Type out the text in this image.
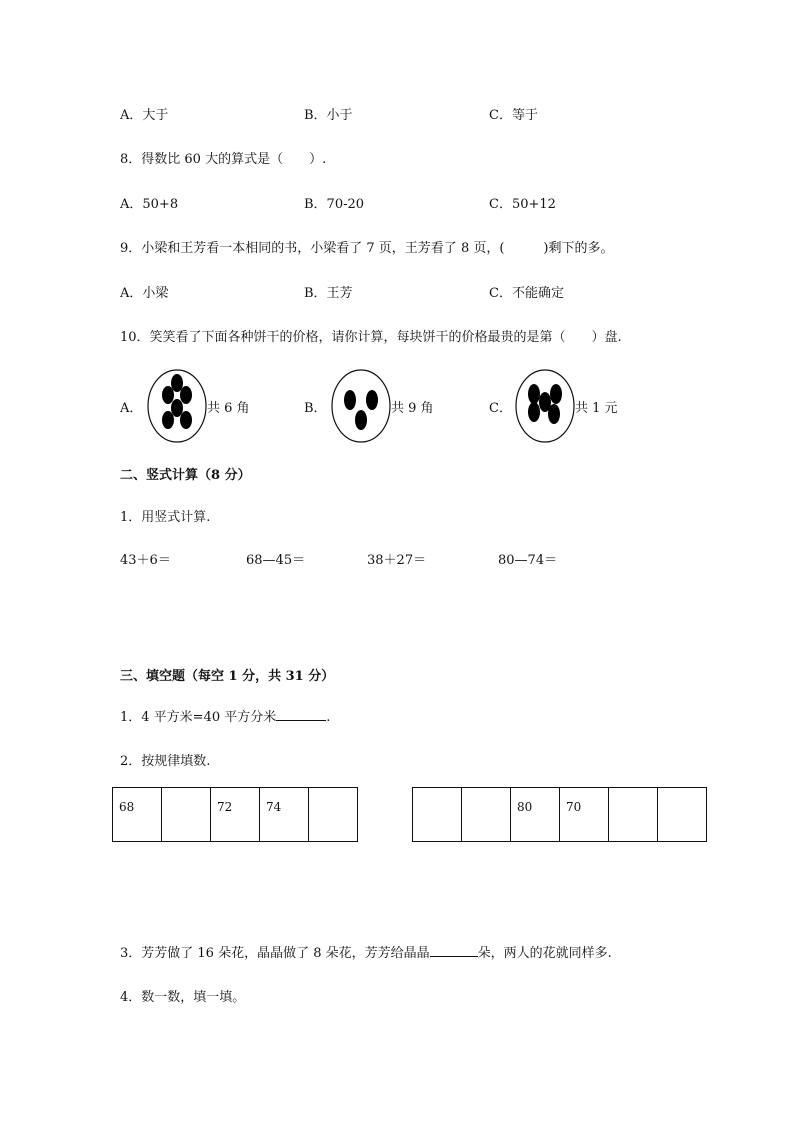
A．大于	B．小于	C．等于
8．得数比 60 大的算式是（　　）.
A．50+8	B．70-20	C．50+12
9．小梁和王芳看一本相同的书，小梁看了 7 页，王芳看了 8 页，(　　　)剩下的多。
A．小梁	B．王芳	C．不能确定
10．笑笑看了下面各种饼干的价格，请你计算，每块饼干的价格最贵的是第（　　）盘.
A．	共 6 角	B．	共 9 角	C．	共 1 元
二、竖式计算（8 分）
1．用竖式计算.
43＋6＝	68—45＝	38＋27＝	80—74＝
三、填空题（每空 1 分，共 31 分）
1．4 平方米=40 平方分米	.
2．按规律填数.
68		72	74	
			80	70		
3．芳芳做了 16 朵花，晶晶做了 8 朵花，芳芳给晶晶	朵，两人的花就同样多.
4．数一数，填一填。
